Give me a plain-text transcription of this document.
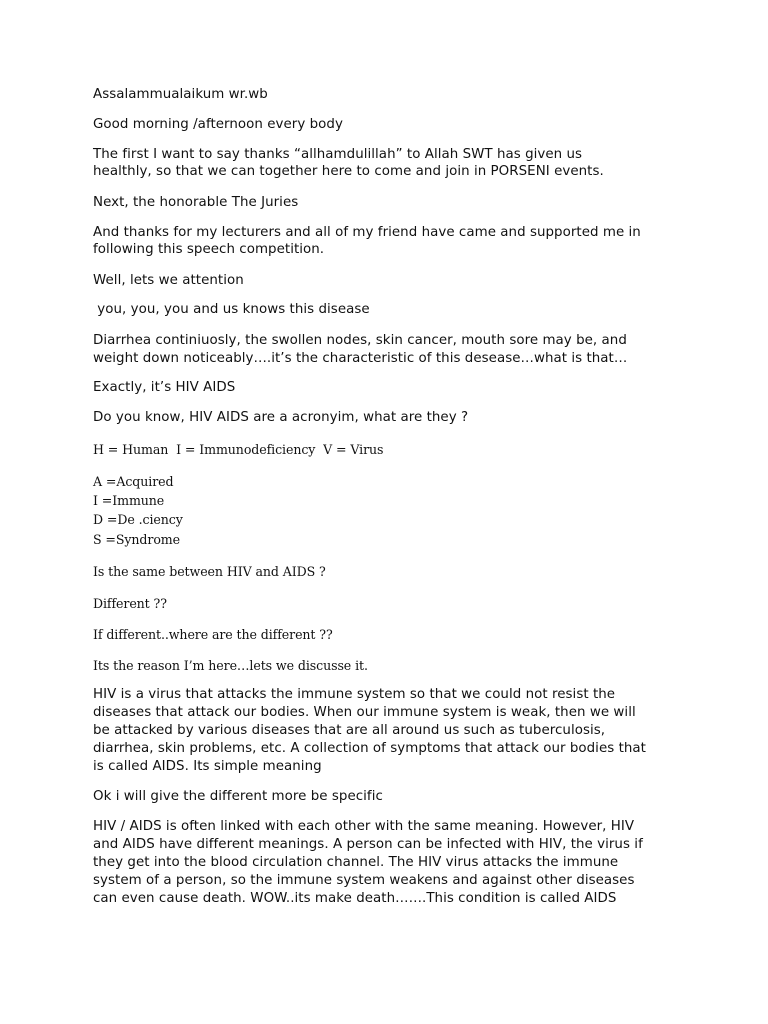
Assalammualaikum wr.wb

Good morning /afternoon every body

The first I want to say thanks “allhamdulillah” to Allah SWT has given us

healthly, so that we can together here to come and join in PORSENI events.

Next, the honorable The Juries

And thanks for my lecturers and all of my friend have came and supported me in

following this speech competition.

Well, lets we attention

you, you, you and us knows this disease

Diarrhea continiuosly, the swollen nodes, skin cancer, mouth sore may be, and

weight down noticeably….it’s the characteristic of this desease…what is that…

Exactly, it’s HIV AIDS

Do you know, HIV AIDS are a acronyim, what are they ?

H = Human  I = Immunodeficiency  V = Virus

A =Acquired

I =Immune

D =De .ciency

S =Syndrome

Is the same between HIV and AIDS ?

Different ??

If different..where are the different ??

Its the reason I’m here…lets we discusse it.

HIV is a virus that attacks the immune system so that we could not resist the

diseases that attack our bodies. When our immune system is weak, then we will

be attacked by various diseases that are all around us such as tuberculosis,

diarrhea, skin problems, etc. A collection of symptoms that attack our bodies that

is called AIDS. Its simple meaning

Ok i will give the different more be specific

HIV / AIDS is often linked with each other with the same meaning. However, HIV

and AIDS have different meanings. A person can be infected with HIV, the virus if

they get into the blood circulation channel. The HIV virus attacks the immune

system of a person, so the immune system weakens and against other diseases

can even cause death. WOW..its make death…….This condition is called AIDS
